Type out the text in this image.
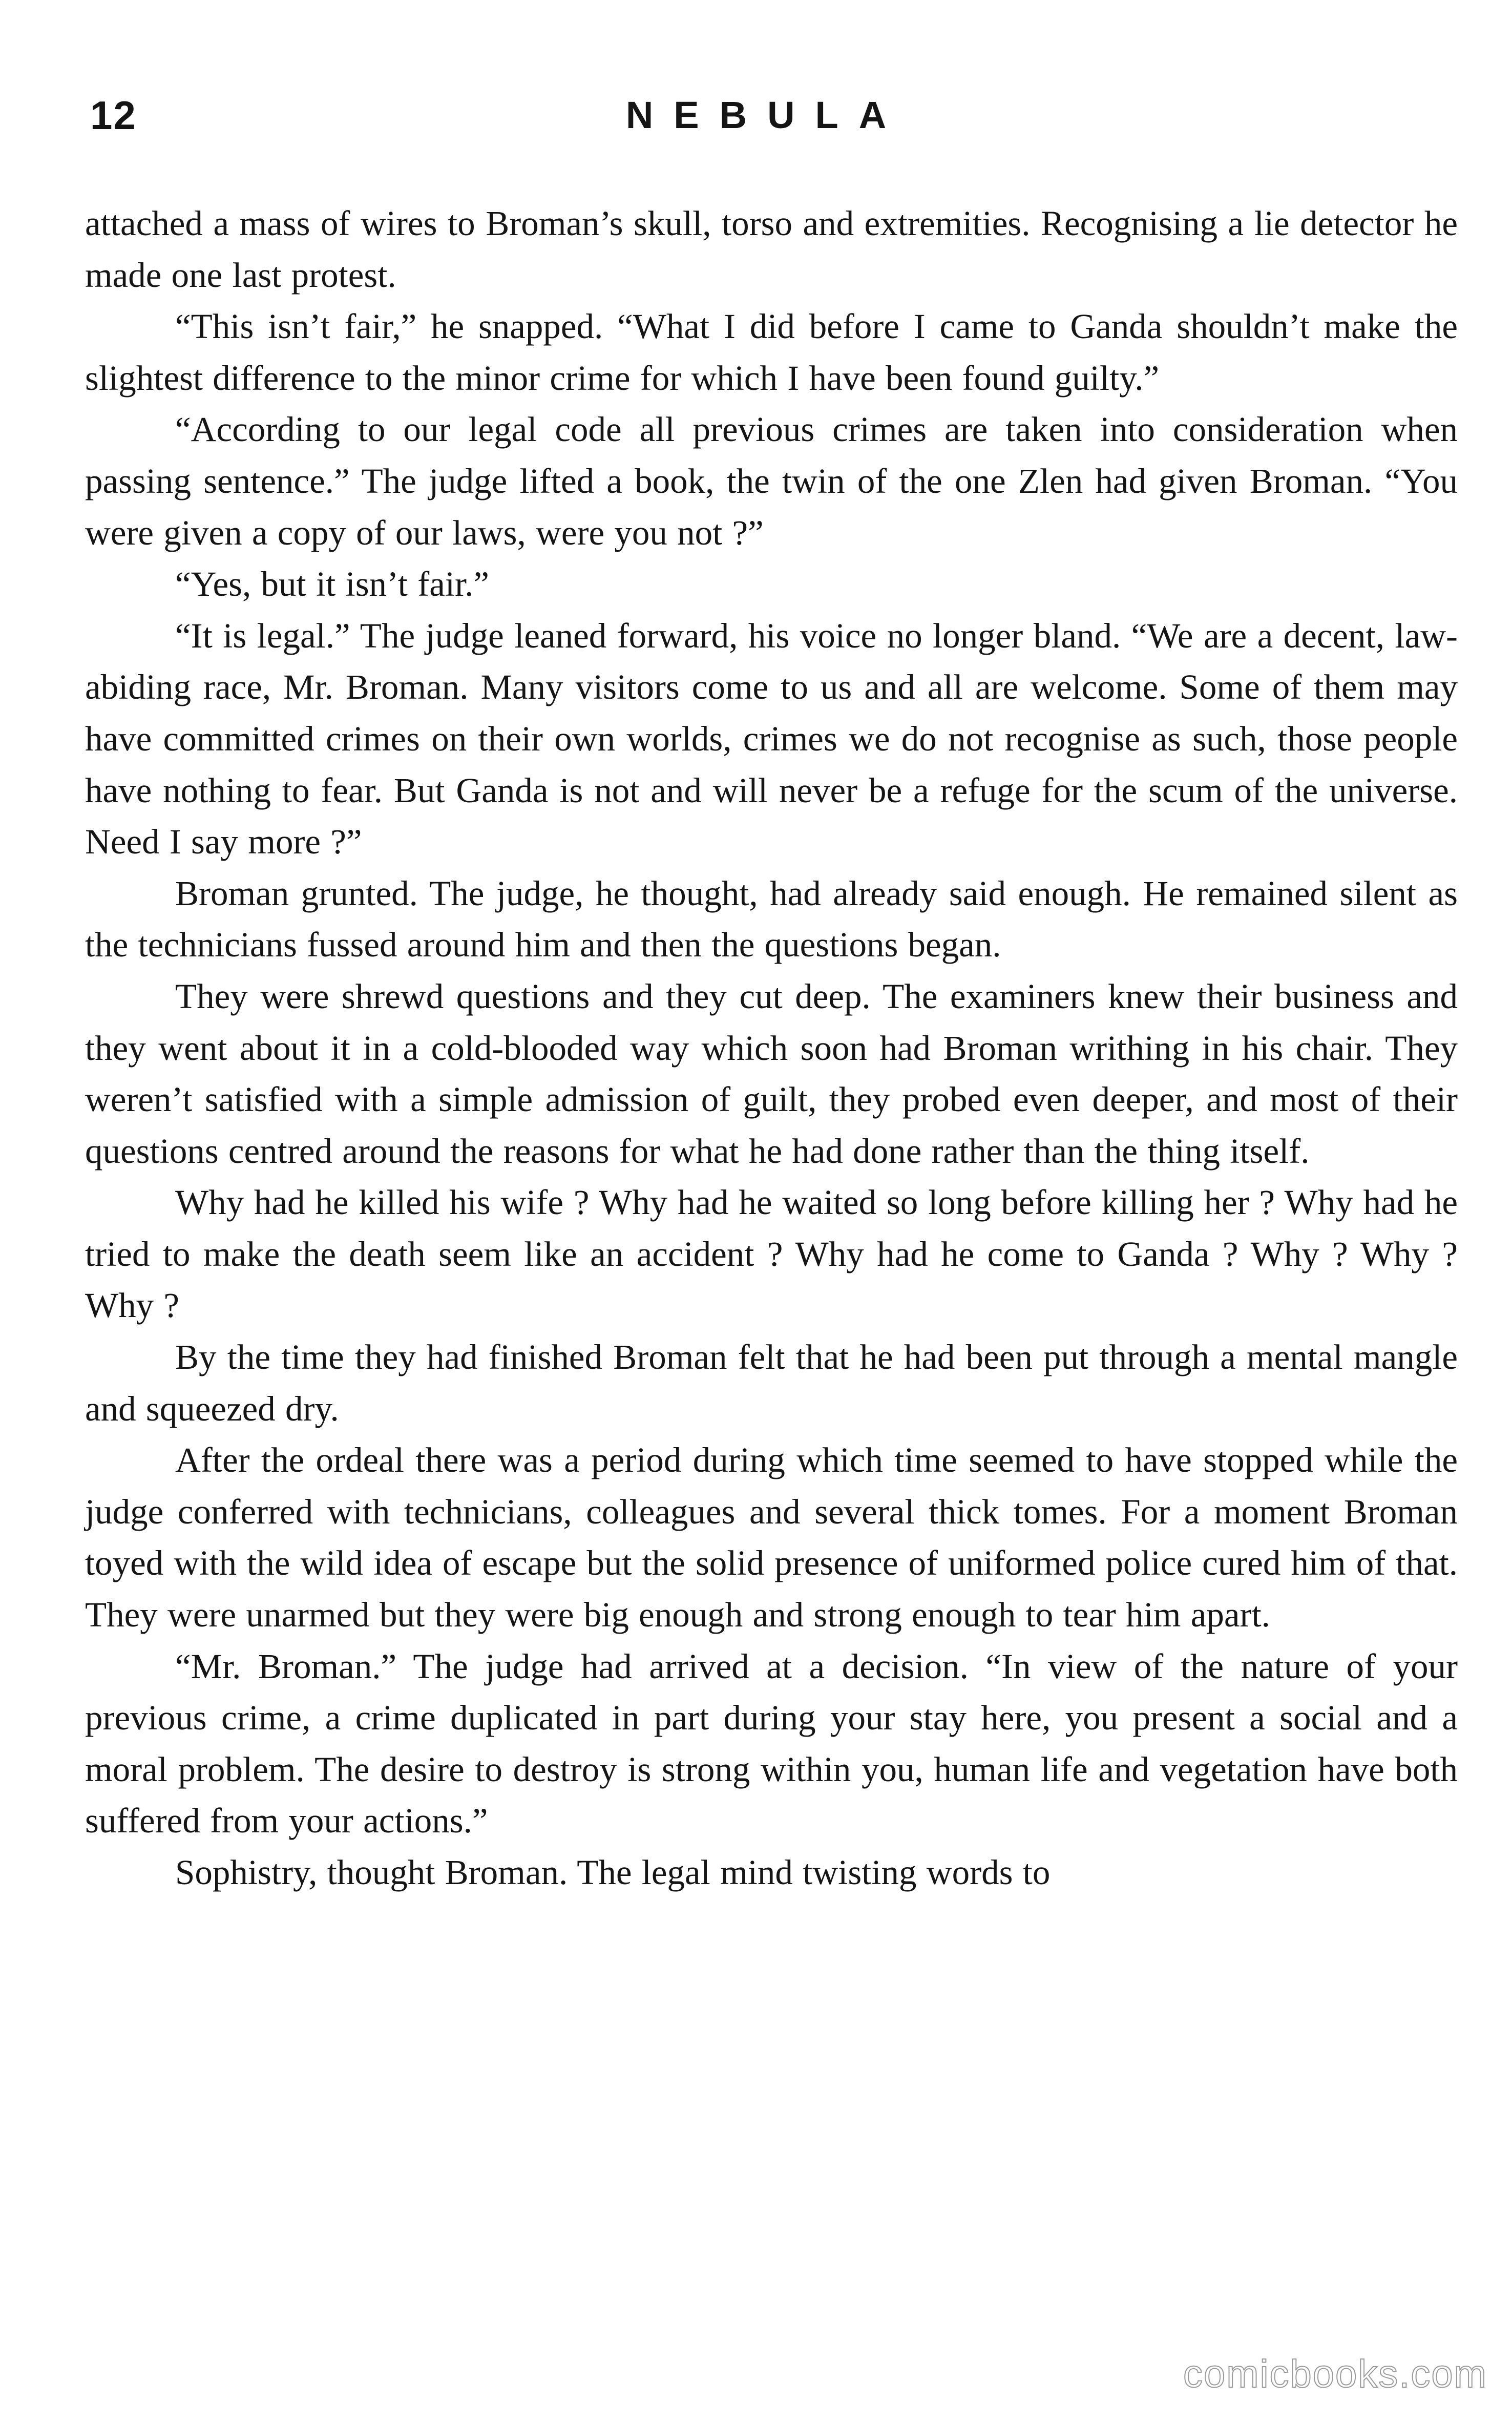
12	NEBULA

attached a mass of wires to Broman’s skull, torso and extremities. Recognising a lie detector he made one last protest.

“This isn’t fair,” he snapped. “What I did before I came to Ganda shouldn’t make the slightest difference to the minor crime for which I have been found guilty.”

“According to our legal code all previous crimes are taken into consideration when passing sentence.” The judge lifted a book, the twin of the one Zlen had given Broman. “You were given a copy of our laws, were you not ?”

“Yes, but it isn’t fair.”

“It is legal.” The judge leaned forward, his voice no longer bland. “We are a decent, law-abiding race, Mr. Broman. Many visitors come to us and all are welcome. Some of them may have committed crimes on their own worlds, crimes we do not recognise as such, those people have nothing to fear. But Ganda is not and will never be a refuge for the scum of the universe. Need I say more ?”

Broman grunted. The judge, he thought, had already said enough. He remained silent as the technicians fussed around him and then the questions began.

They were shrewd questions and they cut deep. The examiners knew their business and they went about it in a cold-blooded way which soon had Broman writhing in his chair. They weren’t satisfied with a simple admission of guilt, they probed even deeper, and most of their questions centred around the reasons for what he had done rather than the thing itself.

Why had he killed his wife ? Why had he waited so long before killing her ? Why had he tried to make the death seem like an accident ? Why had he come to Ganda ? Why ? Why ? Why ?

By the time they had finished Broman felt that he had been put through a mental mangle and squeezed dry.

After the ordeal there was a period during which time seemed to have stopped while the judge conferred with technicians, colleagues and several thick tomes. For a moment Broman toyed with the wild idea of escape but the solid presence of uniformed police cured him of that. They were unarmed but they were big enough and strong enough to tear him apart.

“Mr. Broman.” The judge had arrived at a decision. “In view of the nature of your previous crime, a crime duplicated in part during your stay here, you present a social and a moral problem. The desire to destroy is strong within you, human life and vegetation have both suffered from your actions.”

Sophistry, thought Broman. The legal mind twisting words to

comicbooks.com
